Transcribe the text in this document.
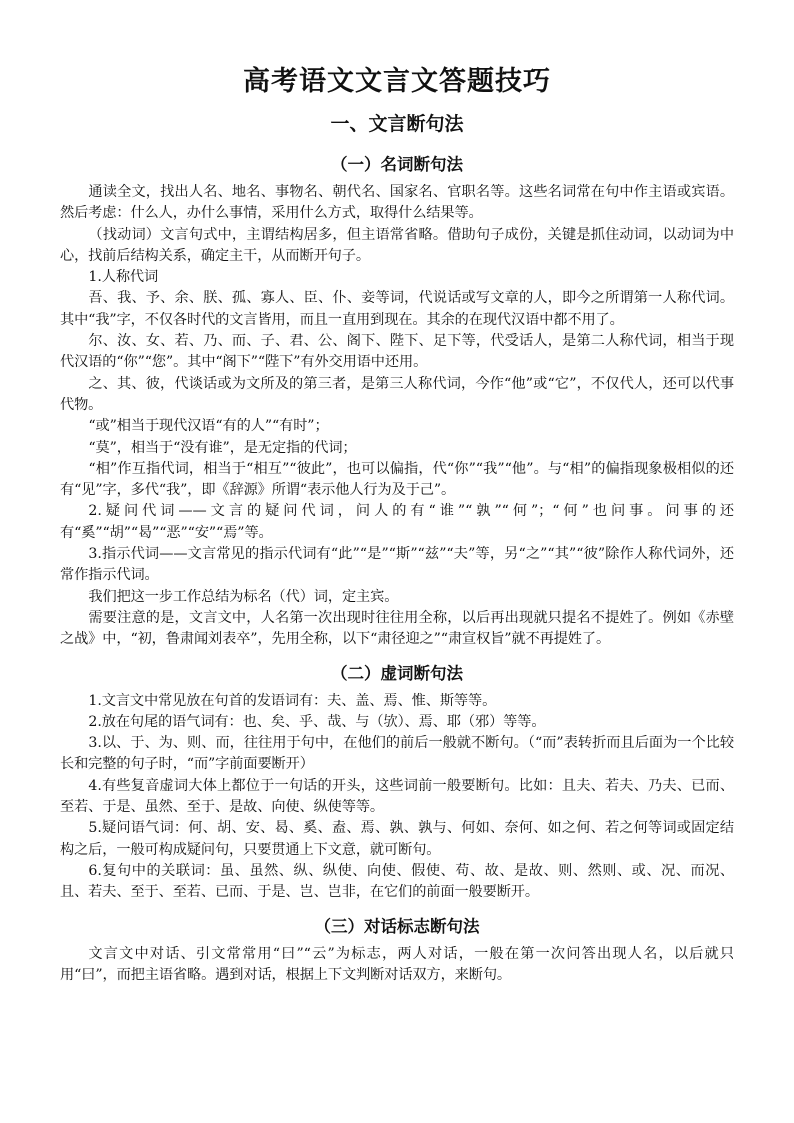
高考语文文言文答题技巧
一、文言断句法
（一）名词断句法

通读全文，找出人名、地名、事物名、朝代名、国家名、官职名等。这些名词常在句中作主语或宾语。然后考虑：什么人，办什么事情，采用什么方式，取得什么结果等。

（找动词）文言句式中，主谓结构居多，但主语常省略。借助句子成份，关键是抓住动词，以动词为中心，找前后结构关系，确定主干，从而断开句子。

1.人称代词

吾、我、予、余、朕、孤、寡人、臣、仆、妾等词，代说话或写文章的人，即今之所谓第一人称代词。其中“我”字，不仅各时代的文言皆用，而且一直用到现在。其余的在现代汉语中都不用了。

尔、汝、女、若、乃、而、子、君、公、阁下、陛下、足下等，代受话人，是第二人称代词，相当于现代汉语的“你”“您”。其中“阁下”“陛下”有外交用语中还用。

之、其、彼，代谈话或为文所及的第三者，是第三人称代词，今作“他”或“它”，不仅代人，还可以代事代物。

“或”相当于现代汉语“有的人”“有时”；

“莫”，相当于“没有谁”，是无定指的代词；

“相”作互指代词，相当于“相互”“彼此”，也可以偏指，代“你”“我”“他”。与“相”的偏指现象极相似的还有“见”字，多代“我”，即《辞源》所谓“表示他人行为及于己”。

2.疑问代词——文言的疑问代词，问人的有“谁”“孰”“何”；“何”也问事。问事的还有“奚”“胡”“曷”“恶”“安”“焉”等。

3.指示代词——文言常见的指示代词有“此”“是”“斯”“兹”“夫”等，另“之”“其”“彼”除作人称代词外，还常作指示代词。

我们把这一步工作总结为标名（代）词，定主宾。

需要注意的是，文言文中，人名第一次出现时往往用全称，以后再出现就只提名不提姓了。例如《赤壁之战》中，“初，鲁肃闻刘表卒”，先用全称，以下“肃径迎之”“肃宣权旨”就不再提姓了。

（二）虚词断句法

1.文言文中常见放在句首的发语词有：夫、盖、焉、惟、斯等等。

2.放在句尾的语气词有：也、矣、乎、哉、与（欤）、焉、耶（邪）等等。

3.以、于、为、则、而，往往用于句中，在他们的前后一般就不断句。（“而”表转折而且后面为一个比较长和完整的句子时，“而”字前面要断开）

4.有些复音虚词大体上都位于一句话的开头，这些词前一般要断句。比如：且夫、若夫、乃夫、已而、至若、于是、虽然、至于、是故、向使、纵使等等。

5.疑问语气词：何、胡、安、曷、奚、盍、焉、孰、孰与、何如、奈何、如之何、若之何等词或固定结构之后，一般可构成疑问句，只要贯通上下文意，就可断句。

6.复句中的关联词：虽、虽然、纵、纵使、向使、假使、苟、故、是故、则、然则、或、况、而况、且、若夫、至于、至若、已而、于是、岂、岂非，在它们的前面一般要断开。

（三）对话标志断句法

文言文中对话、引文常常用“曰”“云”为标志，两人对话，一般在第一次问答出现人名，以后就只用“曰”，而把主语省略。遇到对话，根据上下文判断对话双方，来断句。
